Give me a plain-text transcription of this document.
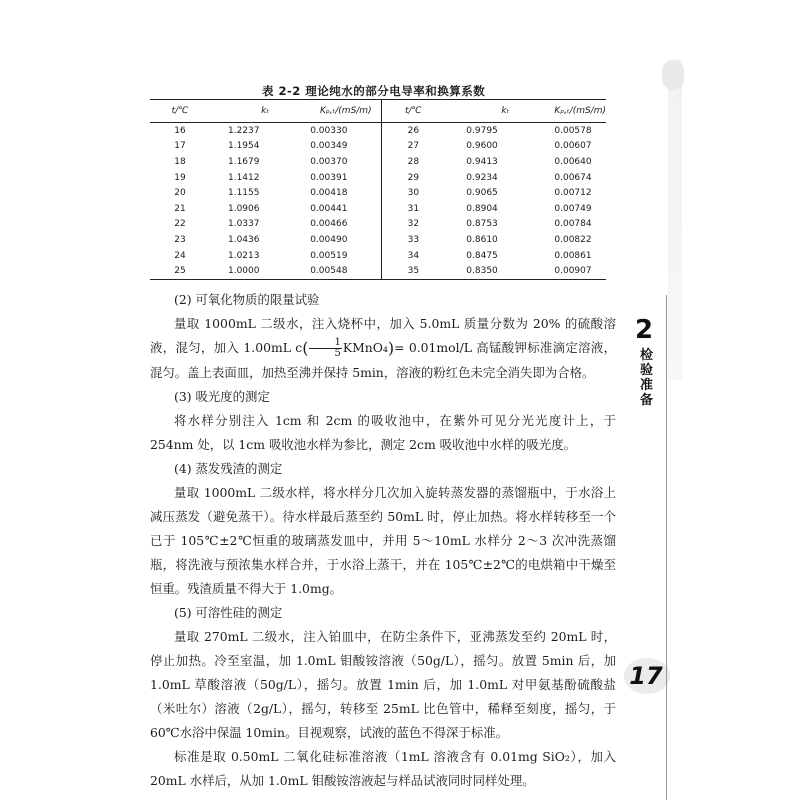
2
检验准备
17
表 2-2 理论纯水的部分电导率和换算系数
t/℃	kₜ	Kₚ,ₜ/(mS/m)	t/℃	kₜ	Kₚ,ₜ/(mS/m)
16	1.2237	0.00330	26	0.9795	0.00578
17	1.1954	0.00349	27	0.9600	0.00607
18	1.1679	0.00370	28	0.9413	0.00640
19	1.1412	0.00391	29	0.9234	0.00674
20	1.1155	0.00418	30	0.9065	0.00712
21	1.0906	0.00441	31	0.8904	0.00749
22	1.0337	0.00466	32	0.8753	0.00784
23	1.0436	0.00490	33	0.8610	0.00822
24	1.0213	0.00519	34	0.8475	0.00861
25	1.0000	0.00548	35	0.8350	0.00907

(2) 可氧化物质的限量试验

量取 1000mL 二级水，注入烧杯中，加入 5.0mL 质量分数为 20% 的硫酸溶液，混匀，加入 1.00mL $c( \frac{1}{5}$ KMnO₄)= 0.01mol/L 高锰酸钾标准滴定溶液，混匀。盖上表面皿，加热至沸并保持 5min，溶液的粉红色未完全消失即为合格。

(3) 吸光度的测定

将水样分别注入 1cm 和 2cm 的吸收池中，在紫外可见分光光度计上，于 254nm 处，以 1cm 吸收池水样为参比，测定 2cm 吸收池中水样的吸光度。

(4) 蒸发残渣的测定

量取 1000mL 二级水样，将水样分几次加入旋转蒸发器的蒸馏瓶中，于水浴上减压蒸发（避免蒸干）。待水样最后蒸至约 50mL 时，停止加热。将水样转移至一个已于 105℃±2℃恒重的玻璃蒸发皿中，并用 5～10mL 水样分 2～3 次冲洗蒸馏瓶，将洗液与预浓集水样合并，于水浴上蒸干，并在 105℃±2℃的电烘箱中干燥至恒重。残渣质量不得大于 1.0mg。

(5) 可溶性硅的测定

量取 270mL 二级水，注入铂皿中，在防尘条件下，亚沸蒸发至约 20mL 时，停止加热。冷至室温，加 1.0mL 钼酸铵溶液（50g/L），摇匀。放置 5min 后，加 1.0mL 草酸溶液（50g/L），摇匀。放置 1min 后，加 1.0mL 对甲氨基酚硫酸盐（米吐尔）溶液（2g/L），摇匀，转移至 25mL 比色管中，稀释至刻度，摇匀，于 60℃水浴中保温 10min。目视观察，试液的蓝色不得深于标准。

标准是取 0.50mL 二氧化硅标准溶液（1mL 溶液含有 0.01mg SiO₂），加入 20mL 水样后，从加 1.0mL 钼酸铵溶液起与样品试液同时同样处理。
